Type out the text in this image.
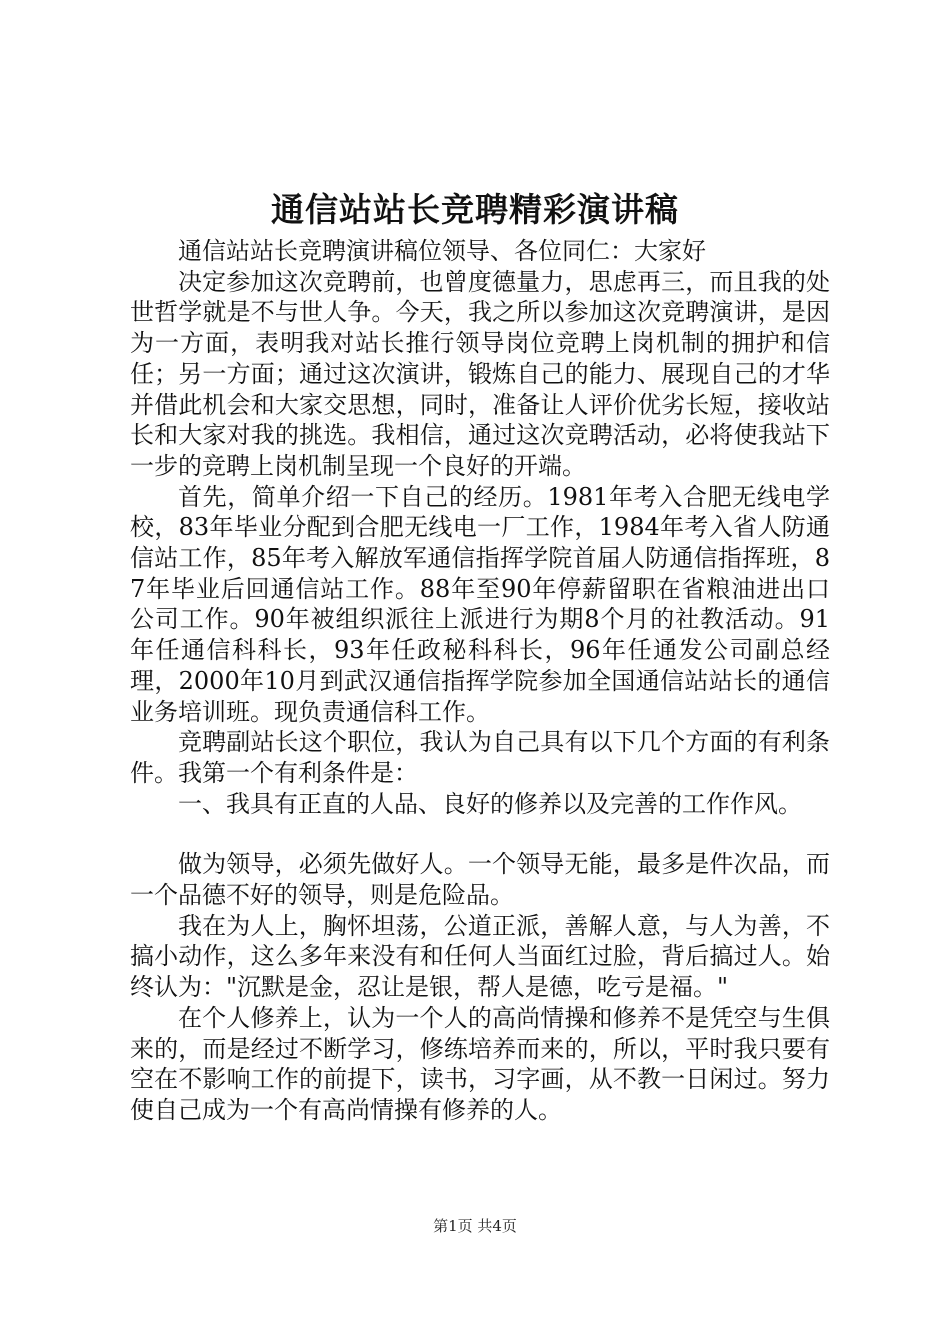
通信站站长竞聘精彩演讲稿

通信站站长竞聘演讲稿位领导、各位同仁：大家好

决定参加这次竞聘前，也曾度德量力，思虑再三，而且我的处世哲学就是不与世人争。今天，我之所以参加这次竞聘演讲，是因为一方面，表明我对站长推行领导岗位竞聘上岗机制的拥护和信任；另一方面；通过这次演讲，锻炼自己的能力、展现自己的才华并借此机会和大家交思想，同时，准备让人评价优劣长短，接收站长和大家对我的挑选。我相信，通过这次竞聘活动，必将使我站下一步的竞聘上岗机制呈现一个良好的开端。

首先，简单介绍一下自己的经历。1981年考入合肥无线电学校，83年毕业分配到合肥无线电一厂工作，1984年考入省人防通信站工作，85年考入解放军通信指挥学院首届人防通信指挥班，87年毕业后回通信站工作。88年至90年停薪留职在省粮油进出口公司工作。90年被组织派往上派进行为期8个月的社教活动。91年任通信科科长，93年任政秘科科长，96年任通发公司副总经理，2000年10月到武汉通信指挥学院参加全国通信站站长的通信业务培训班。现负责通信科工作。

竞聘副站长这个职位，我认为自己具有以下几个方面的有利条件。我第一个有利条件是：

一、我具有正直的人品、良好的修养以及完善的工作作风。

做为领导，必须先做好人。一个领导无能，最多是件次品，而一个品德不好的领导，则是危险品。

我在为人上，胸怀坦荡，公道正派，善解人意，与人为善，不搞小动作，这么多年来没有和任何人当面红过脸，背后搞过人。始终认为："沉默是金，忍让是银，帮人是德，吃亏是福。"

在个人修养上，认为一个人的高尚情操和修养不是凭空与生俱来的，而是经过不断学习，修练培养而来的，所以，平时我只要有空在不影响工作的前提下，读书，习字画，从不教一日闲过。努力使自己成为一个有高尚情操有修养的人。

第1页 共4页
